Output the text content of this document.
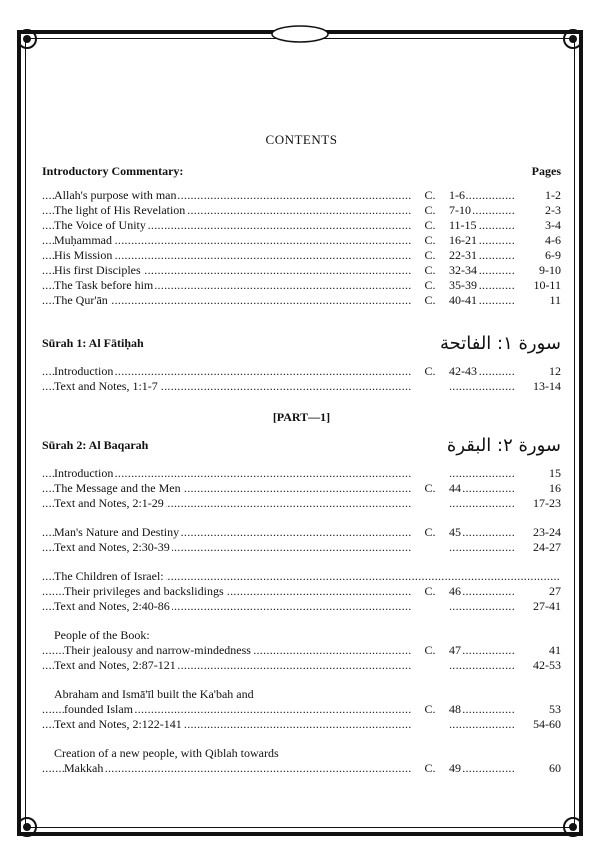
CONTENTS
Introductory Commentary:	Pages
Allah's purpose with man .....	C.	1-6 .....	1-2
The light of His Revelation .....	C.	7-10 .....	2-3
The Voice of Unity .....	C.	11-15 .....	3-4
Muḥammad .....	C.	16-21 .....	4-6
His Mission .....	C.	22-31 .....	6-9
His first Disciples .....	C.	32-34 .....	9-10
The Task before him .....	C.	35-39 .....	10-11
The Qur'ān .....	C.	40-41 .....	11
Sūrah 1: Al Fātiḥah	سورة ١: الفاتحة
Introduction .....	C.	42-43 .....	12
Text and Notes, 1:1-7 ..... .....	13-14
[PART—1]
Sūrah 2: Al Baqarah	سورة ٢: البقرة
Introduction ..... .....	15
The Message and the Men .....	C.	44 .....	16
Text and Notes, 2:1-29 ..... .....	17-23
Man's Nature and Destiny .....	C.	45 .....	23-24
Text and Notes, 2:30-39 ..... .....	24-27
The Children of Israel: .....
Their privileges and backslidings .....	C.	46 .....	27
Text and Notes, 2:40-86 ..... .....	27-41
People of the Book:
Their jealousy and narrow-mindedness .....	C.	47 .....	41
Text and Notes, 2:87-121 ..... .....	42-53
Abraham and Ismā'īl built the Ka'bah and
founded Islam .....	C.	48 .....	53
Text and Notes, 2:122-141 ..... .....	54-60
Creation of a new people, with Qiblah towards
Makkah .....	C.	49 .....	60
